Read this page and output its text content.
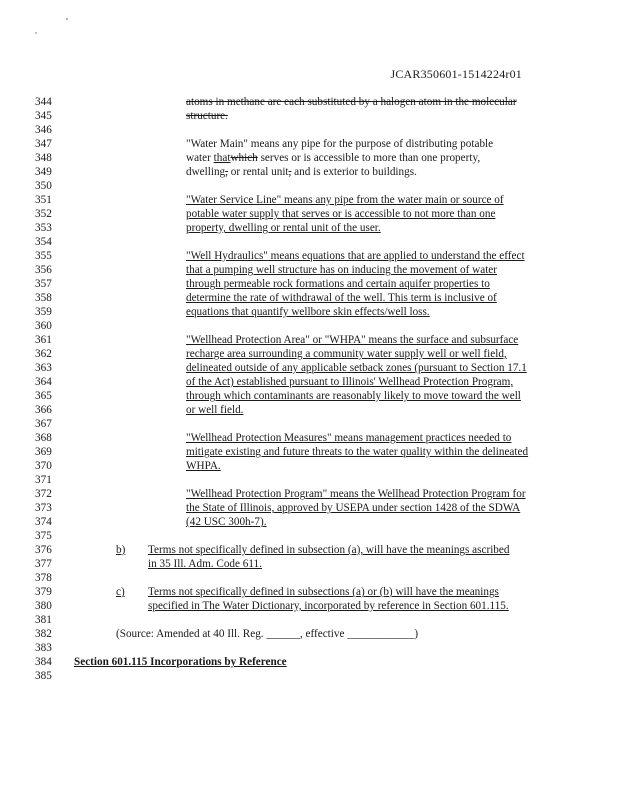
JCAR350601-1514224r01
344
345
346
347
348
349
350
351
352
353
354
355
356
357
358
359
360
361
362
363
364
365
366
367
368
369
370
371
372
373
374
375
376
377
378
379
380
381
382
383
384
385
atoms in methane are each substituted by a halogen atom in the molecular
structure.
"Water Main" means any pipe for the purpose of distributing potable
water thatwhich serves or is accessible to more than one property,
dwelling, or rental unit, and is exterior to buildings.
"Water Service Line" means any pipe from the water main or source of
potable water supply that serves or is accessible to not more than one
property, dwelling or rental unit of the user.
"Well Hydraulics" means equations that are applied to understand the effect
that a pumping well structure has on inducing the movement of water
through permeable rock formations and certain aquifer properties to
determine the rate of withdrawal of the well. This term is inclusive of
equations that quantify wellbore skin effects/well loss.
"Wellhead Protection Area" or "WHPA" means the surface and subsurface
recharge area surrounding a community water supply well or well field,
delineated outside of any applicable setback zones (pursuant to Section 17.1
of the Act) established pursuant to Illinois' Wellhead Protection Program,
through which contaminants are reasonably likely to move toward the well
or well field.
"Wellhead Protection Measures" means management practices needed to
mitigate existing and future threats to the water quality within the delineated
WHPA.
"Wellhead Protection Program" means the Wellhead Protection Program for
the State of Illinois, approved by USEPA under section 1428 of the SDWA
(42 USC 300h-7).
b) Terms not specifically defined in subsection (a), will have the meanings ascribed
in 35 Ill. Adm. Code 611.
c) Terms not specifically defined in subsections (a) or (b) will have the meanings
specified in The Water Dictionary, incorporated by reference in Section 601.115.
(Source: Amended at 40 Ill. Reg. ______, effective ____________)
Section 601.115 Incorporations by Reference
